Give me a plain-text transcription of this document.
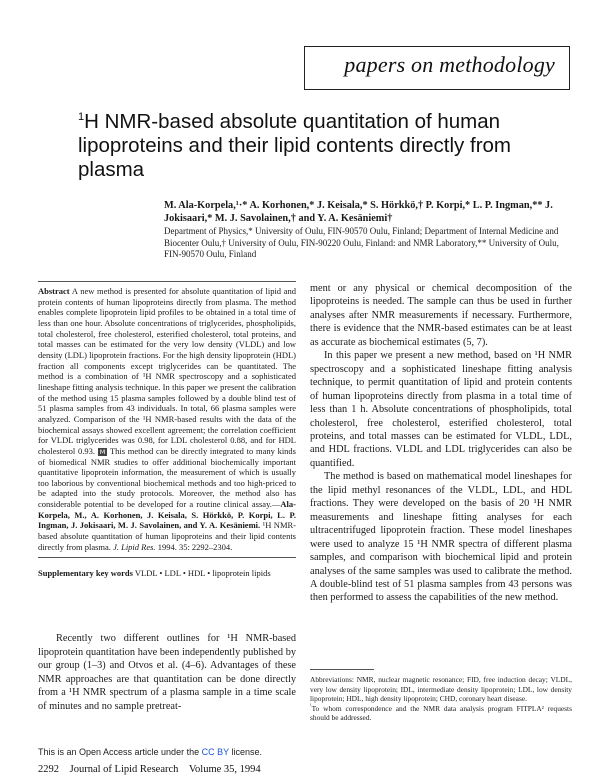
papers on methodology
$^1$H NMR-based absolute quantitation of human lipoproteins and their lipid contents directly from plasma
M. Ala-Korpela,¹·* A. Korhonen,* J. Keisala,* S. Hörkkö,† P. Korpi,* L. P. Ingman,** J. Jokisaari,* M. J. Savolainen,† and Y. A. Kesäniemi†
Department of Physics,* University of Oulu, FIN-90570 Oulu, Finland; Department of Internal Medicine and Biocenter Oulu,† University of Oulu, FIN-90220 Oulu, Finland: and NMR Laboratory,** University of Oulu, FIN-90570 Oulu, Finland
Abstract A new method is presented for absolute quantitation of lipid and protein contents of human lipoproteins directly from plasma. The method enables complete lipoprotein lipid profiles to be obtained in a total time of less than one hour. Absolute concentrations of triglycerides, phospholipids, total cholesterol, free cholesterol, esterified cholesterol, total proteins, and total masses can be estimated for the very low density (VLDL) and low density (LDL) lipoprotein fractions. For the high density lipoprotein (HDL) fraction all components except triglycerides can be quantitated. The method is a combination of ¹H NMR spectroscopy and a sophisticated lineshape fitting analysis technique. In this paper we present the calibration of the method using 15 plasma samples followed by a double blind test of 51 plasma samples from 43 individuals. In total, 66 plasma samples were analyzed. Comparison of the ¹H NMR-based results with the data of the biochemical assays showed excellent agreement; the correlation coefficient for VLDL triglycerides was 0.98, for LDL cholesterol 0.88, and for HDL cholesterol 0.93. M This method can be directly integrated to many kinds of biomedical NMR studies to offer additional biochemically important quantitative lipoprotein information, the measurement of which is usually too laborious by conventional biochemical methods and too high-priced to be adapted into the study protocols. Moreover, the method also has considerable potential to be developed for a routine clinical assay.—Ala-Korpela, M., A. Korhonen, J. Keisala, S. Hörkkö, P. Korpi, L. P. Ingman, J. Jokisaari, M. J. Savolainen, and Y. A. Kesäniemi. ¹H NMR-based absolute quantitation of human lipoproteins and their lipid contents directly from plasma. J. Lipid Res. 1994. 35: 2292–2304.
Supplementary key words VLDL • LDL • HDL • lipoprotein lipids

Recently two different outlines for ¹H NMR-based lipoprotein quantitation have been independently published by our group (1–3) and Otvos et al. (4–6). Advantages of these NMR approaches are that quantitation can be done directly from a ¹H NMR spectrum of a plasma sample in a time scale of minutes and no sample pretreat-

ment or any physical or chemical decomposition of the lipoproteins is needed. The sample can thus be used in further analyses after NMR measurements if necessary. Furthermore, there is evidence that the NMR-based estimates can be at least as accurate as biochemical estimates (5, 7).

In this paper we present a new method, based on ¹H NMR spectroscopy and a sophisticated lineshape fitting analysis technique, to permit quantitation of lipid and protein contents of human lipoproteins directly from plasma in a total time of less than 1 h. Absolute concentrations of phospholipids, total cholesterol, free cholesterol, esterified cholesterol, total proteins, and total masses can be estimated for VLDL, LDL, and HDL fractions. VLDL and LDL triglycerides can also be quantified.

The method is based on mathematical model lineshapes for the lipid methyl resonances of the VLDL, LDL, and HDL fractions. They were developed on the basis of 20 ¹H NMR measurements and lineshape fitting analyses for each ultracentrifuged lipoprotein fraction. These model lineshapes were used to analyze 15 ¹H NMR spectra of different plasma samples, and comparison with biochemical lipid and protein analyses of the same samples was used to calibrate the method. A double-blind test of 51 plasma samples from 43 persons was then performed to assess the capabilities of the new method.

Abbreviations: NMR, nuclear magnetic resonance; FID, free induction decay; VLDL, very low density lipoprotein; IDL, intermediate density lipoprotein; LDL, low density lipoprotein; HDL, high density lipoprotein; CHD, coronary heart disease.

$^{^1}$To whom correspondence and the NMR data analysis program FITPLA² requests should be addressed.

This is an Open Access article under the CC BY license.
2292 Journal of Lipid Research Volume 35, 1994
